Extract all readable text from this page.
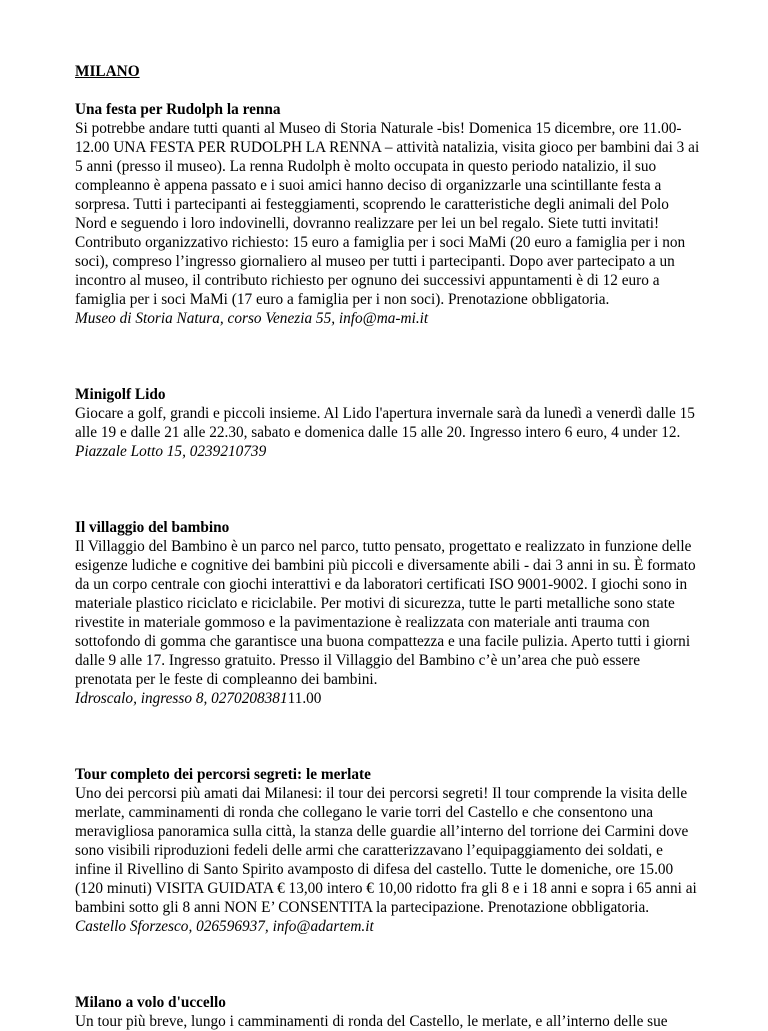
MILANO

Una festa per Rudolph la renna

Si potrebbe andare tutti quanti al Museo di Storia Naturale -bis! Domenica 15 dicembre, ore 11.00-12.00 UNA FESTA PER RUDOLPH LA RENNA – attività natalizia, visita gioco per bambini dai 3 ai 5 anni (presso il museo). La renna Rudolph è molto occupata in questo periodo natalizio, il suo compleanno è appena passato e i suoi amici hanno deciso di organizzarle una scintillante festa a sorpresa. Tutti i partecipanti ai festeggiamenti, scoprendo le caratteristiche degli animali del Polo Nord e seguendo i loro indovinelli, dovranno realizzare per lei un bel regalo. Siete tutti invitati! Contributo organizzativo richiesto: 15 euro a famiglia per i soci MaMi (20 euro a famiglia per i non soci), compreso l’ingresso giornaliero al museo per tutti i partecipanti. Dopo aver partecipato a un incontro al museo, il contributo richiesto per ognuno dei successivi appuntamenti è di 12 euro a famiglia per i soci MaMi (17 euro a famiglia per i non soci). Prenotazione obbligatoria.

Museo di Storia Natura, corso Venezia 55, info@ma-mi.it

Minigolf Lido

Giocare a golf, grandi e piccoli insieme. Al Lido l'apertura invernale sarà da lunedì a venerdì dalle 15 alle 19 e dalle 21 alle 22.30, sabato e domenica dalle 15 alle 20. Ingresso intero 6 euro, 4 under 12.

Piazzale Lotto 15, 0239210739

Il villaggio del bambino

Il Villaggio del Bambino è un parco nel parco, tutto pensato, progettato e realizzato in funzione delle esigenze ludiche e cognitive dei bambini più piccoli e diversamente abili - dai 3 anni in su. È formato da un corpo centrale con giochi interattivi e da laboratori certificati ISO 9001-9002. I giochi sono in materiale plastico riciclato e riciclabile. Per motivi di sicurezza, tutte le parti metalliche sono state rivestite in materiale gommoso e la pavimentazione è realizzata con materiale anti trauma con sottofondo di gomma che garantisce una buona compattezza e una facile pulizia. Aperto tutti i giorni dalle 9 alle 17. Ingresso gratuito. Presso il Villaggio del Bambino c’è un’area che può essere prenotata per le feste di compleanno dei bambini.

Idroscalo, ingresso 8, 027020838111.00

Tour completo dei percorsi segreti: le merlate

Uno dei percorsi più amati dai Milanesi: il tour dei percorsi segreti! Il tour comprende la visita delle merlate, camminamenti di ronda che collegano le varie torri del Castello e che consentono una meravigliosa panoramica sulla città, la stanza delle guardie all’interno del torrione dei Carmini dove sono visibili riproduzioni fedeli delle armi che caratterizzavano l’equipaggiamento dei soldati, e infine il Rivellino di Santo Spirito avamposto di difesa del castello. Tutte le domeniche, ore 15.00 (120 minuti) VISITA GUIDATA € 13,00 intero € 10,00 ridotto fra gli 8 e i 18 anni e sopra i 65 anni ai bambini sotto gli 8 anni NON E’ CONSENTITA la partecipazione. Prenotazione obbligatoria.

Castello Sforzesco, 026596937, info@adartem.it

Milano a volo d'uccello

Un tour più breve, lungo i camminamenti di ronda del Castello, le merlate, e all’interno delle sue
